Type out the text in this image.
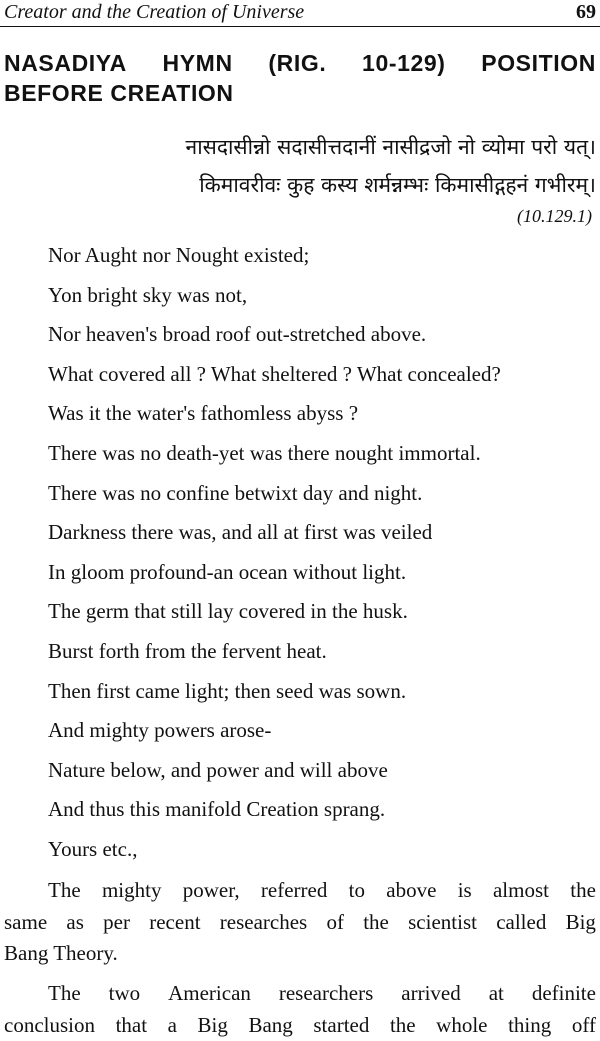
Creator and the Creation of Universe	69
NASADIYA HYMN (RIG. 10-129) POSITION
BEFORE CREATION
नासदासीन्नो सदासीत्तदानीं नासीद्रजो नो व्योमा परो यत्।
किमावरीवः कुह कस्य शर्मन्नम्भः किमासीद्गहनं गभीरम्।
(10.129.1)
Nor Aught nor Nought existed;
Yon bright sky was not,
Nor heaven's broad roof out-stretched above.
What covered all ? What sheltered ? What concealed?
Was it the water's fathomless abyss ?
There was no death-yet was there nought immortal.
There was no confine betwixt day and night.
Darkness there was, and all at first was veiled
In gloom profound-an ocean without light.
The germ that still lay covered in the husk.
Burst forth from the fervent heat.
Then first came light; then seed was sown.
And mighty powers arose-
Nature below, and power and will above
And thus this manifold Creation sprang.
Yours etc.,
The mighty power, referred to above is almost the
same as per recent researches of the scientist called Big
Bang Theory.
The two American researchers arrived at definite
conclusion that a Big Bang started the whole thing off
